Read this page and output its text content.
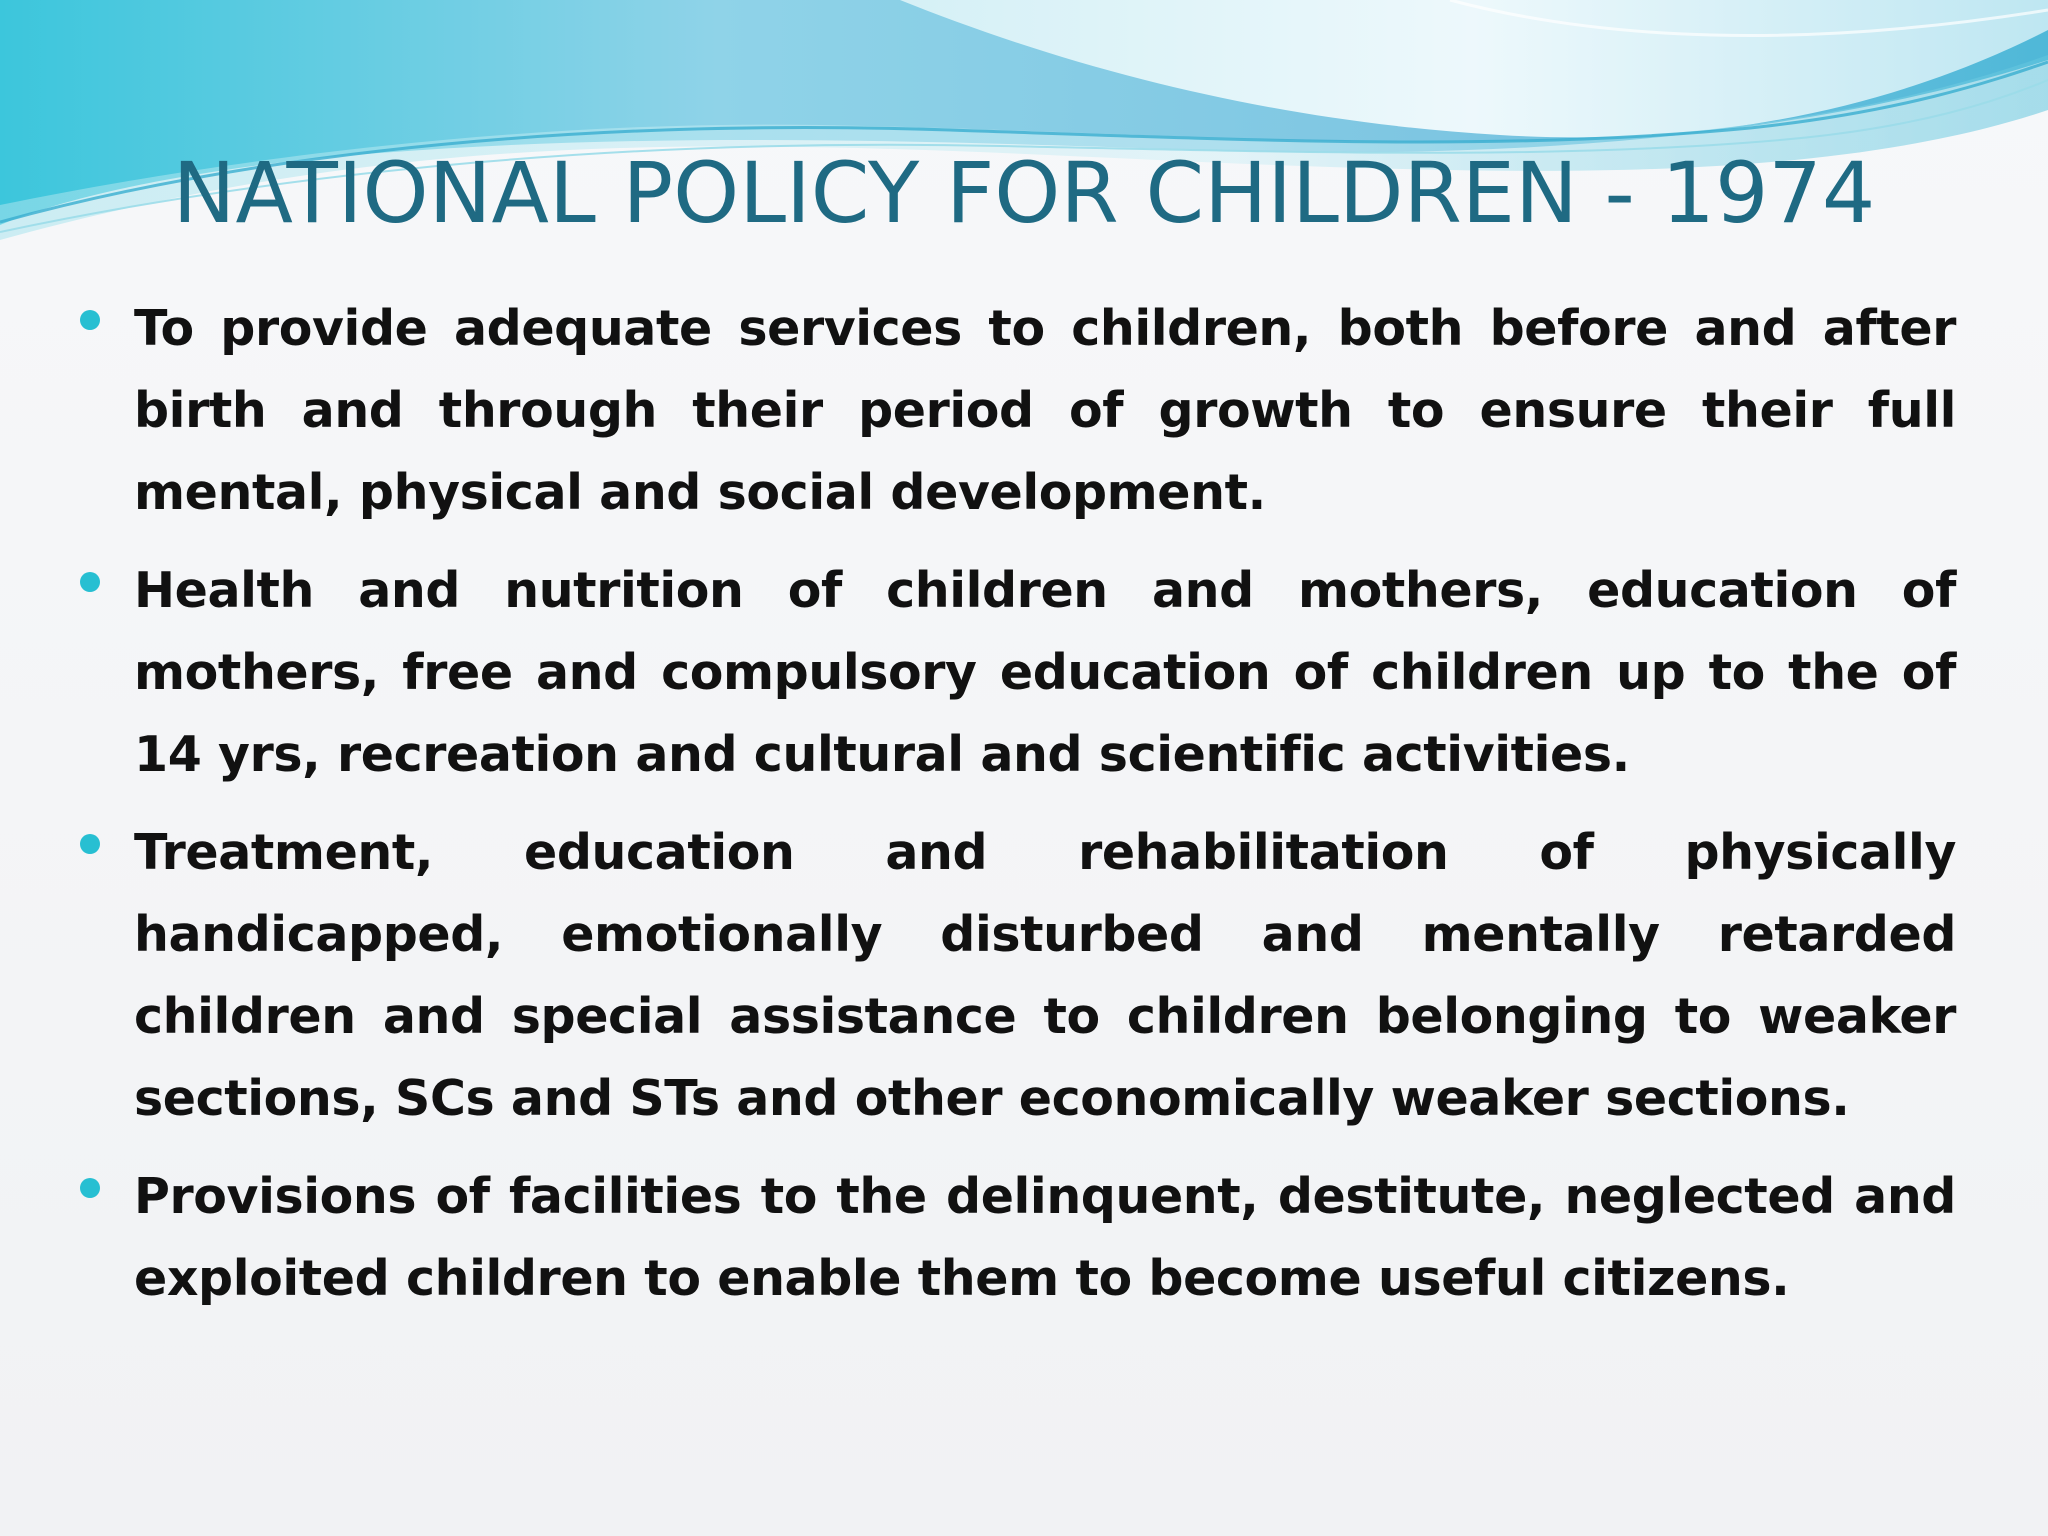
NATIONAL POLICY FOR CHILDREN - 1974
To provide adequate services to children, both before and after birth and through their period of growth to ensure their full mental, physical and social development.
Health and nutrition of children and mothers, education of mothers, free and compulsory education of children up to the of 14 yrs, recreation and cultural and scientific activities.
Treatment, education and rehabilitation of physically handicapped, emotionally disturbed and mentally retarded children and special assistance to children belonging to weaker sections, SCs and STs and other economically weaker sections.
Provisions of facilities to the delinquent, destitute, neglected and exploited children to enable them to become useful citizens.
